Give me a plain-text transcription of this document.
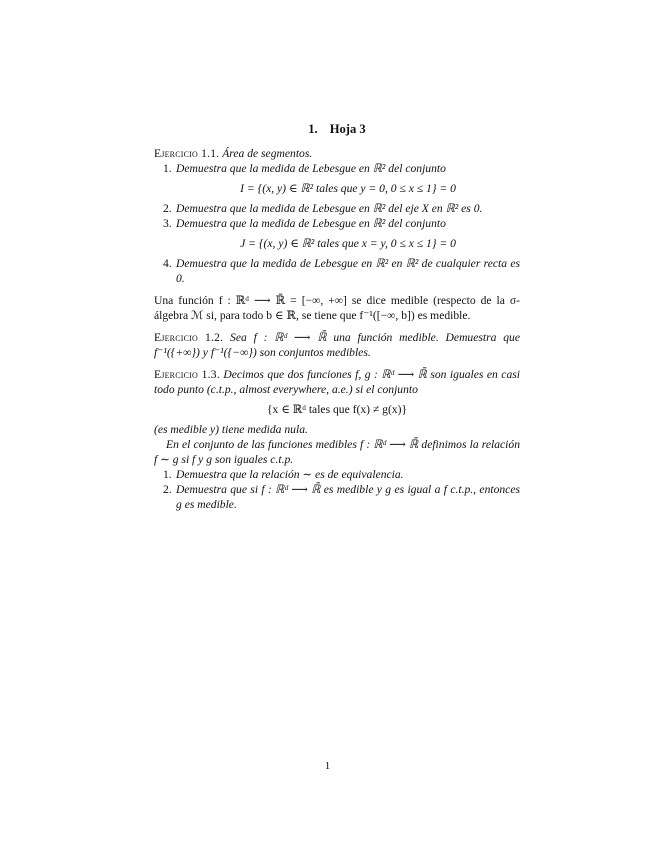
1. Hoja 3
Ejercicio 1.1. Área de segmentos.
1. Demuestra que la medida de Lebesgue en ℝ² del conjunto
I = {(x, y) ∈ ℝ² tales que y = 0, 0 ≤ x ≤ 1} = 0
2. Demuestra que la medida de Lebesgue en ℝ² del eje X en ℝ² es 0.
3. Demuestra que la medida de Lebesgue en ℝ² del conjunto
J = {(x, y) ∈ ℝ² tales que x = y, 0 ≤ x ≤ 1} = 0
4. Demuestra que la medida de Lebesgue en ℝ² en ℝ² de cualquier recta es 0.

Una función f : ℝᵈ ⟶ ℝ̄ = [−∞, +∞] se dice medible (respecto de la σ-álgebra ℳ si, para todo b ∈ ℝ, se tiene que f⁻¹([−∞, b]) es medible.

Ejercicio 1.2. Sea f : ℝᵈ ⟶ ℝ̄ una función medible. Demuestra que f⁻¹({+∞}) y f⁻¹({−∞}) son conjuntos medibles.

Ejercicio 1.3. Decimos que dos funciones f, g : ℝᵈ ⟶ ℝ̄ son iguales en casi todo punto (c.t.p., almost everywhere, a.e.) si el conjunto
{x ∈ ℝᵈ tales que f(x) ≠ g(x)}
(es medible y) tiene medida nula.
En el conjunto de las funciones medibles f : ℝᵈ ⟶ ℝ̄ definimos la relación f ∼ g si f y g son iguales c.t.p.
1. Demuestra que la relación ∼ es de equivalencia.
2. Demuestra que si f : ℝᵈ ⟶ ℝ̄ es medible y g es igual a f c.t.p., entonces g es medible.
1
